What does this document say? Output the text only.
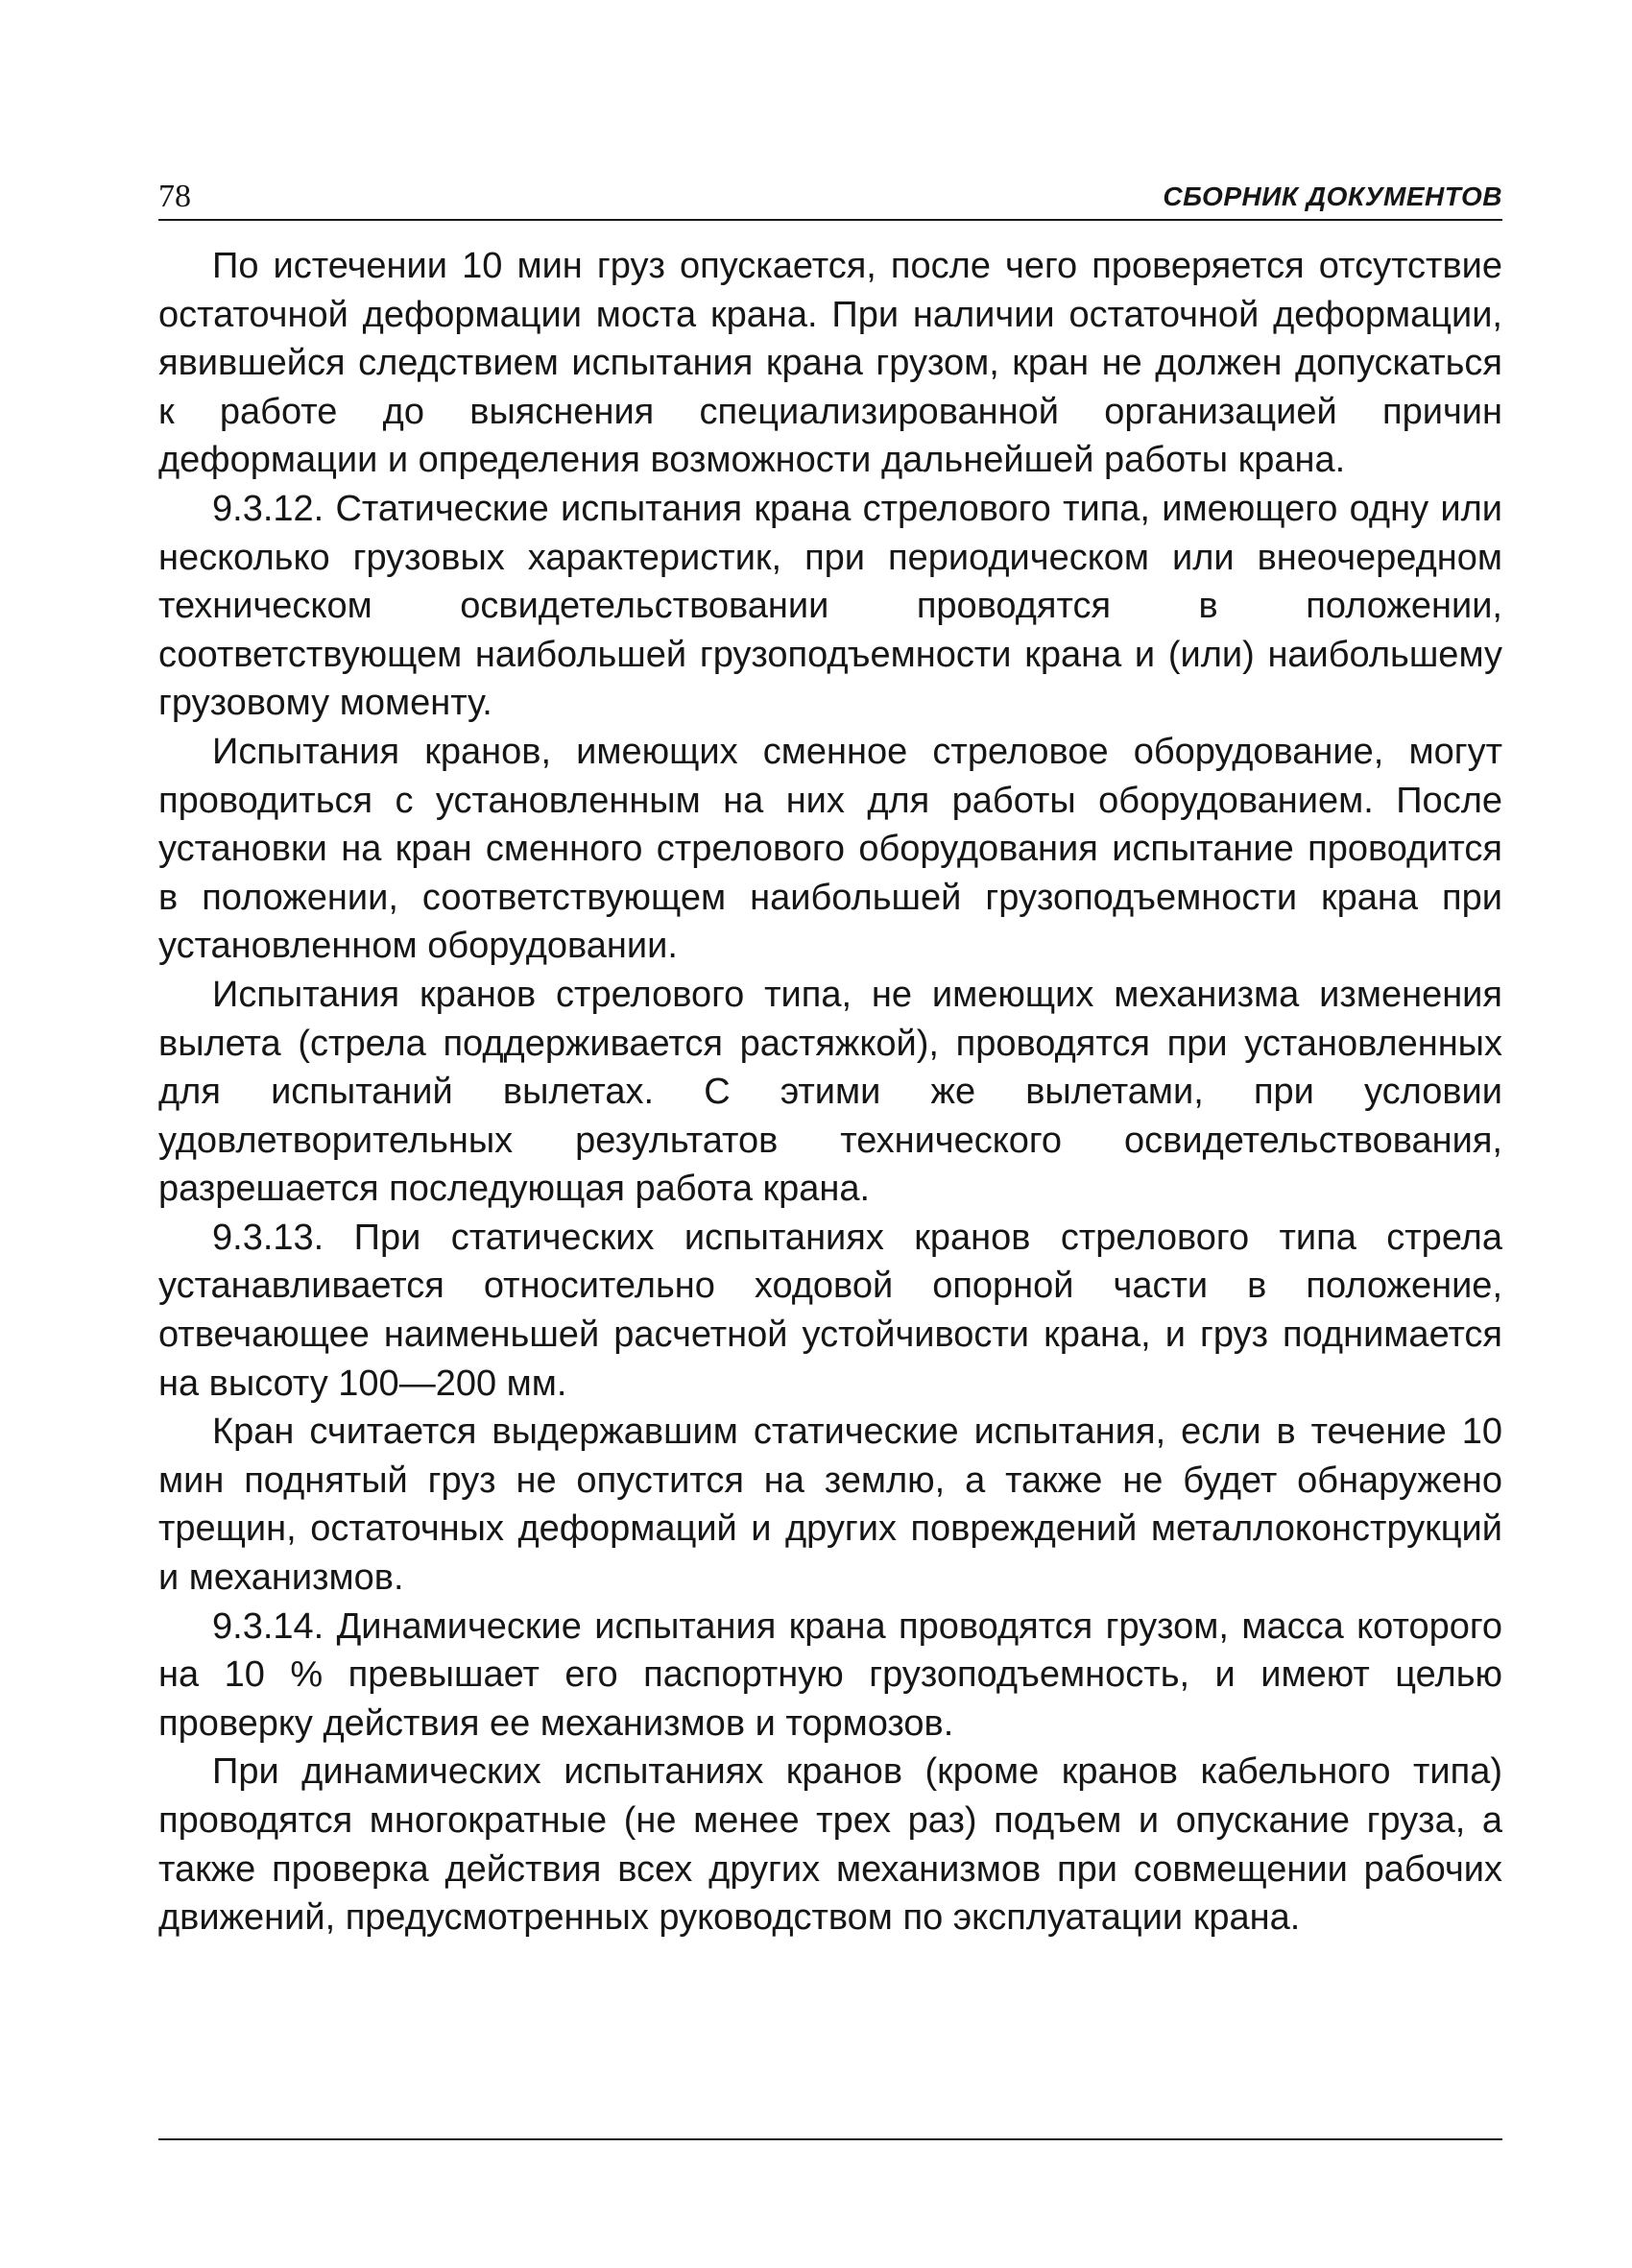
78	СБОРНИК ДОКУМЕНТОВ

По истечении 10 мин груз опускается, после чего проверяется отсутствие остаточной деформации моста крана. При наличии остаточной деформации, явившейся следствием испытания крана грузом, кран не должен допускаться к работе до выяснения специализированной организацией причин деформации и определения возможности дальнейшей работы крана.

9.3.12. Статические испытания крана стрелового типа, имеющего одну или несколько грузовых характеристик, при периодическом или внеочередном техническом освидетельствовании проводятся в положении, соответствующем наибольшей грузоподъемности крана и (или) наибольшему грузовому моменту.

Испытания кранов, имеющих сменное стреловое оборудование, могут проводиться с установленным на них для работы оборудованием. После установки на кран сменного стрелового оборудования испытание проводится в положении, соответствующем наибольшей грузоподъемности крана при установленном оборудовании.

Испытания кранов стрелового типа, не имеющих механизма изменения вылета (стрела поддерживается растяжкой), проводятся при установленных для испытаний вылетах. С этими же вылетами, при условии удовлетворительных результатов технического освидетельствования, разрешается последующая работа крана.

9.3.13. При статических испытаниях кранов стрелового типа стрела устанавливается относительно ходовой опорной части в положение, отвечающее наименьшей расчетной устойчивости крана, и груз поднимается на высоту 100—200 мм.

Кран считается выдержавшим статические испытания, если в течение 10 мин поднятый груз не опустится на землю, а также не будет обнаружено трещин, остаточных деформаций и других повреждений металлоконструкций и механизмов.

9.3.14. Динамические испытания крана проводятся грузом, масса которого на 10 % превышает его паспортную грузоподъемность, и имеют целью проверку действия ее механизмов и тормозов.

При динамических испытаниях кранов (кроме кранов кабельного типа) проводятся многократные (не менее трех раз) подъем и опускание груза, а также проверка действия всех других механизмов при совмещении рабочих движений, предусмотренных руководством по эксплуатации крана.
